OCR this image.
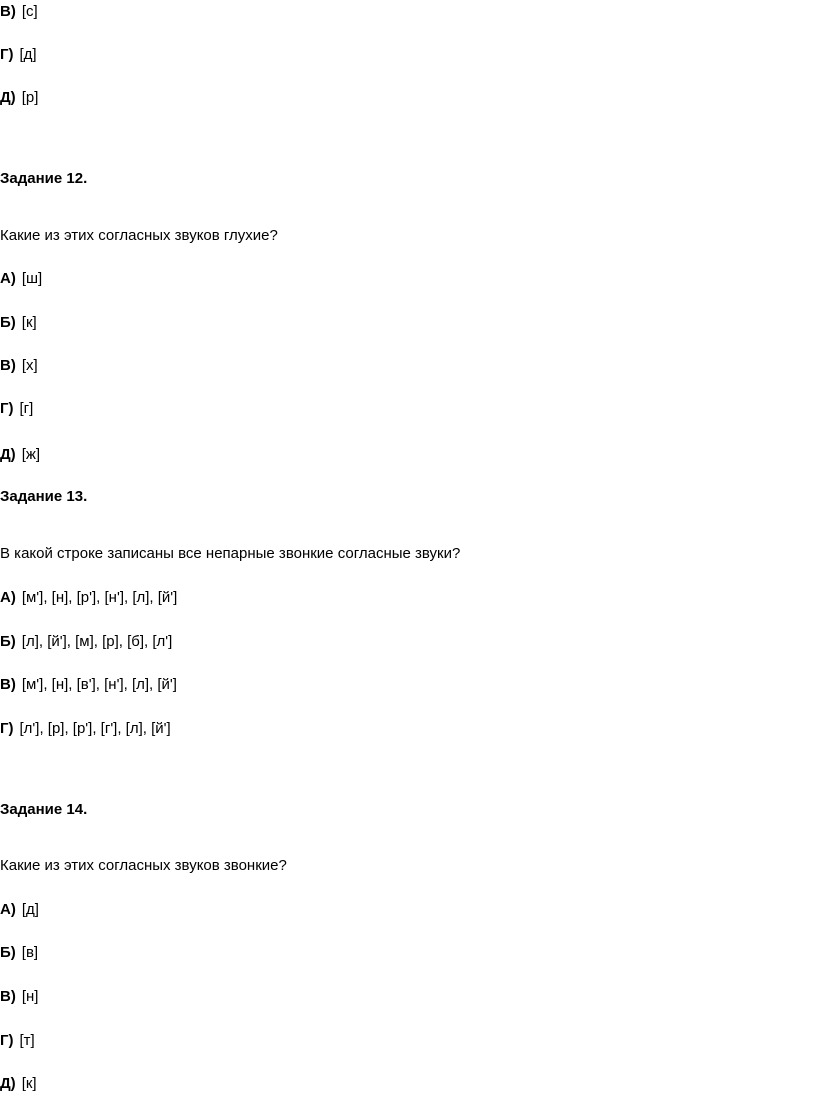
В) [с]
Г) [д]
Д) [р]
Задание 12.
Какие из этих согласных звуков глухие?
А) [ш]
Б) [к]
В) [х]
Г) [г]
Д) [ж]
Задание 13.
В какой строке записаны все непарные звонкие согласные звуки?
А) [м'], [н], [р'], [н'], [л], [й']
Б) [л], [й'], [м], [р], [б], [л']
В) [м'], [н], [в'], [н'], [л], [й']
Г) [л'], [р], [р'], [г'], [л], [й']
Задание 14.
Какие из этих согласных звуков звонкие?
А) [д]
Б) [в]
В) [н]
Г) [т]
Д) [к]
